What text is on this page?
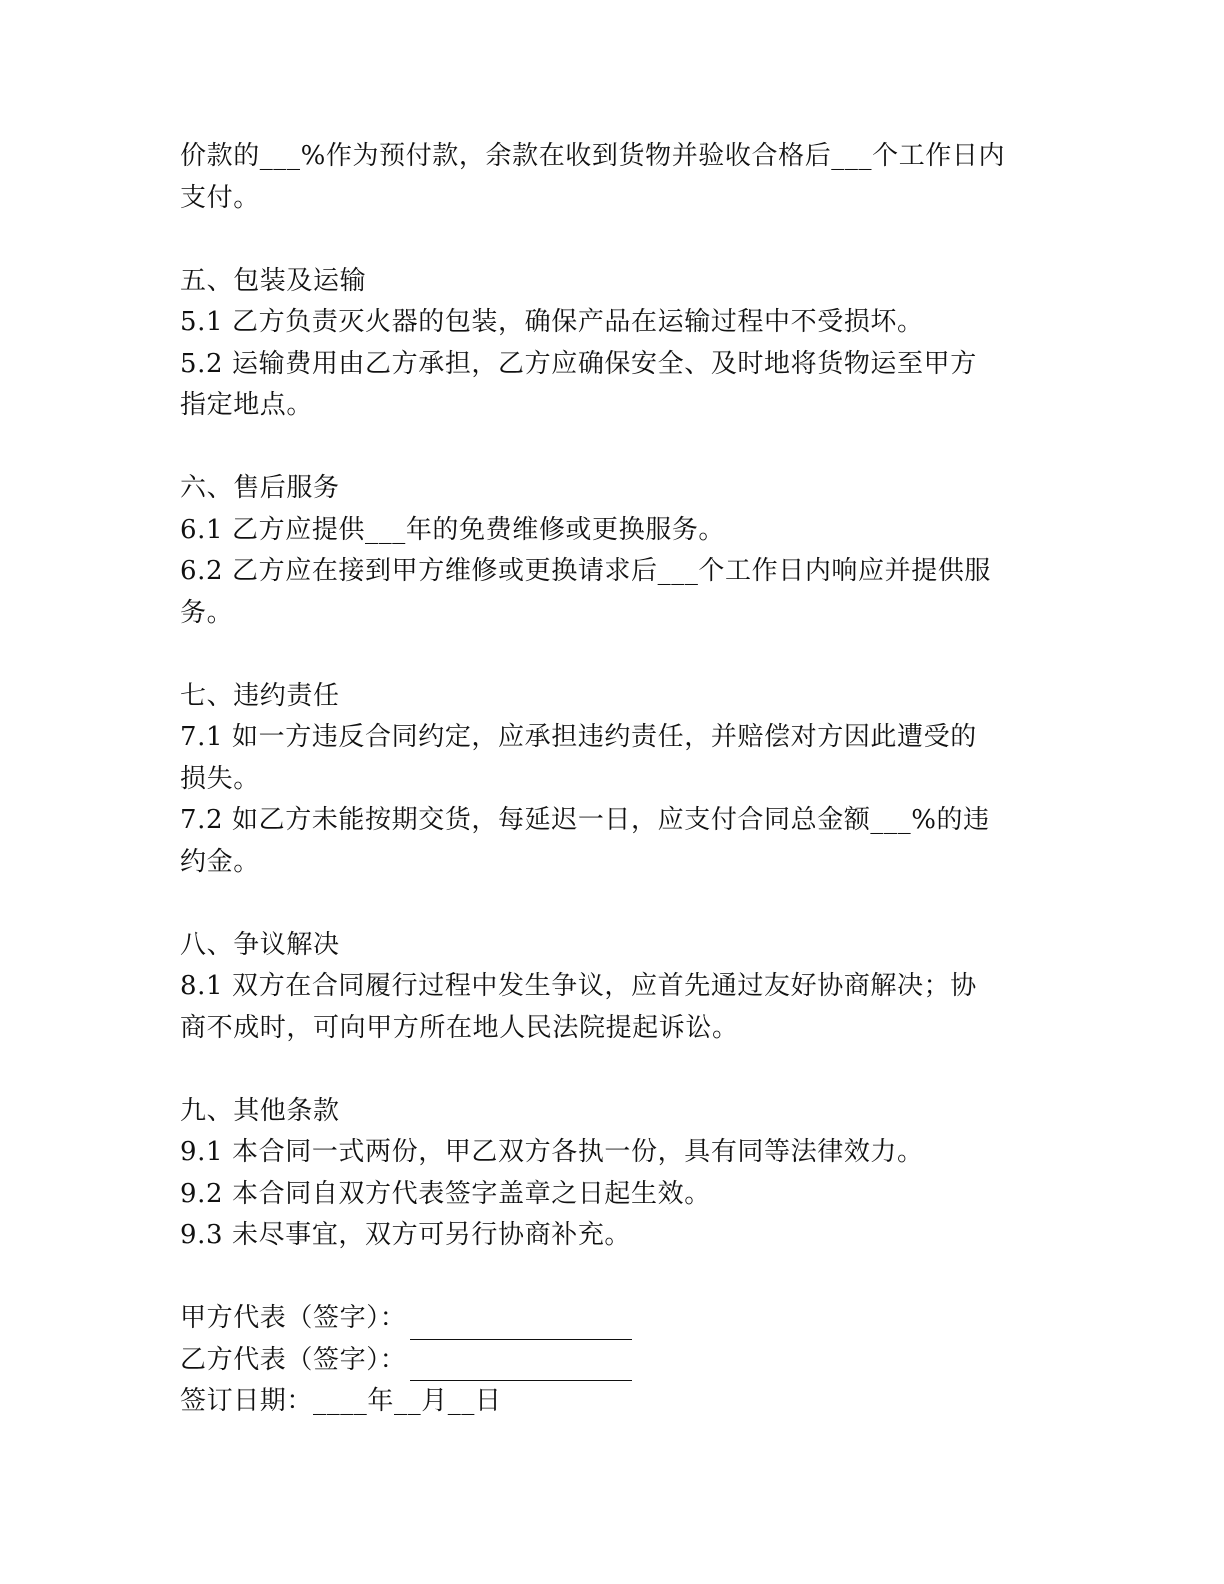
价款的___%作为预付款，余款在收到货物并验收合格后___个工作日内
支付。
五、包装及运输
5.1 乙方负责灭火器的包装，确保产品在运输过程中不受损坏。
5.2 运输费用由乙方承担，乙方应确保安全、及时地将货物运至甲方
指定地点。
六、售后服务
6.1 乙方应提供___年的免费维修或更换服务。
6.2 乙方应在接到甲方维修或更换请求后___个工作日内响应并提供服
务。
七、违约责任
7.1 如一方违反合同约定，应承担违约责任，并赔偿对方因此遭受的
损失。
7.2 如乙方未能按期交货，每延迟一日，应支付合同总金额___%的违
约金。
八、争议解决
8.1 双方在合同履行过程中发生争议，应首先通过友好协商解决；协
商不成时，可向甲方所在地人民法院提起诉讼。
九、其他条款
9.1 本合同一式两份，甲乙双方各执一份，具有同等法律效力。
9.2 本合同自双方代表签字盖章之日起生效。
9.3 未尽事宜，双方可另行协商补充。
甲方代表（签字）：
乙方代表（签字）：
签订日期：____年__月__日
